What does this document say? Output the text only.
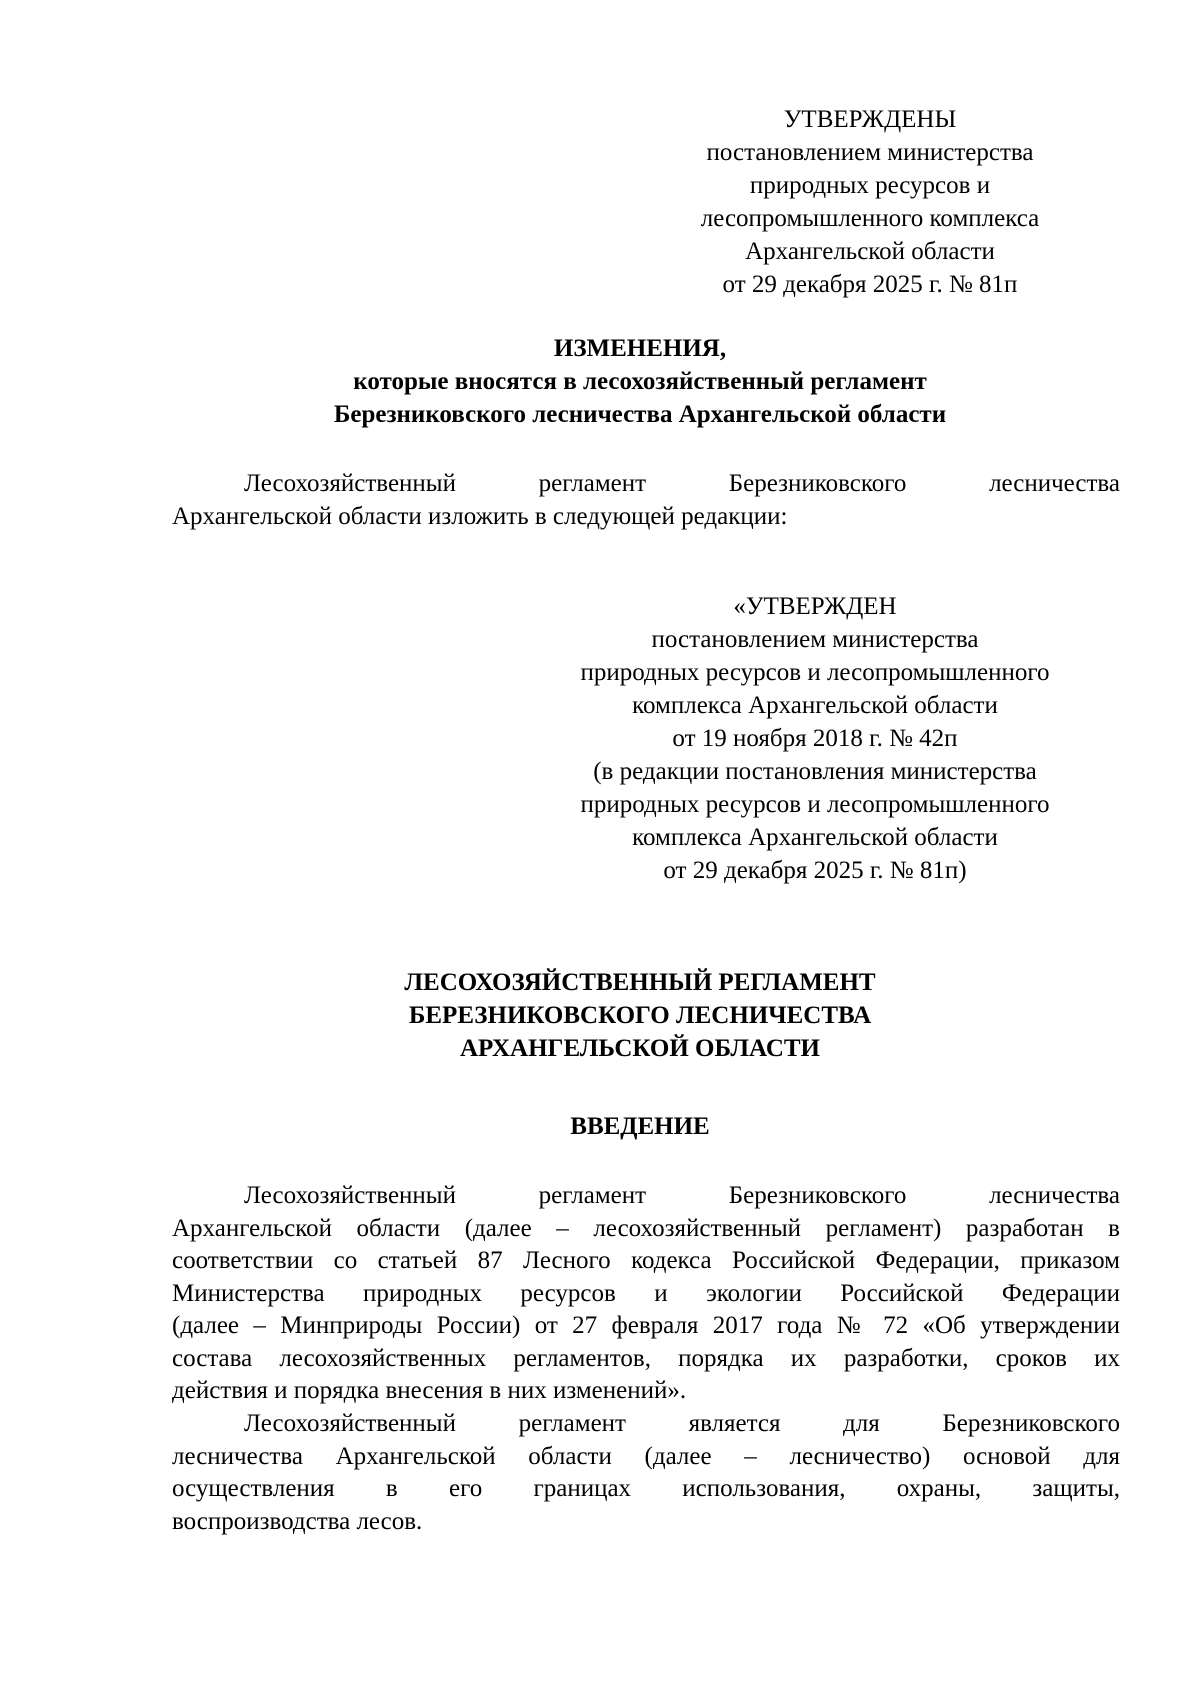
УТВЕРЖДЕНЫ
постановлением министерства
природных ресурсов и
лесопромышленного комплекса
Архангельской области
от 29 декабря 2025 г. № 81п
ИЗМЕНЕНИЯ,
которые вносятся в лесохозяйственный регламент
Березниковского лесничества Архангельской области
Лесохозяйственный регламент Березниковского лесничества
Архангельской области изложить в следующей редакции:
«УТВЕРЖДЕН
постановлением министерства
природных ресурсов и лесопромышленного
комплекса Архангельской области
от 19 ноября 2018 г. № 42п
(в редакции постановления министерства
природных ресурсов и лесопромышленного
комплекса Архангельской области
от 29 декабря 2025 г. № 81п)
ЛЕСОХОЗЯЙСТВЕННЫЙ РЕГЛАМЕНТ
БЕРЕЗНИКОВСКОГО ЛЕСНИЧЕСТВА
АРХАНГЕЛЬСКОЙ ОБЛАСТИ
ВВЕДЕНИЕ
Лесохозяйственный регламент Березниковского лесничества
Архангельской области (далее – лесохозяйственный регламент) разработан в
соответствии со статьей 87 Лесного кодекса Российской Федерации, приказом
Министерства природных ресурсов и экологии Российской Федерации
(далее – Минприроды России) от 27 февраля 2017 года № 72 «Об утверждении
состава лесохозяйственных регламентов, порядка их разработки, сроков их
действия и порядка внесения в них изменений».
Лесохозяйственный регламент является для Березниковского
лесничества Архангельской области (далее – лесничество) основой для
осуществления в его границах использования, охраны, защиты,
воспроизводства лесов.
